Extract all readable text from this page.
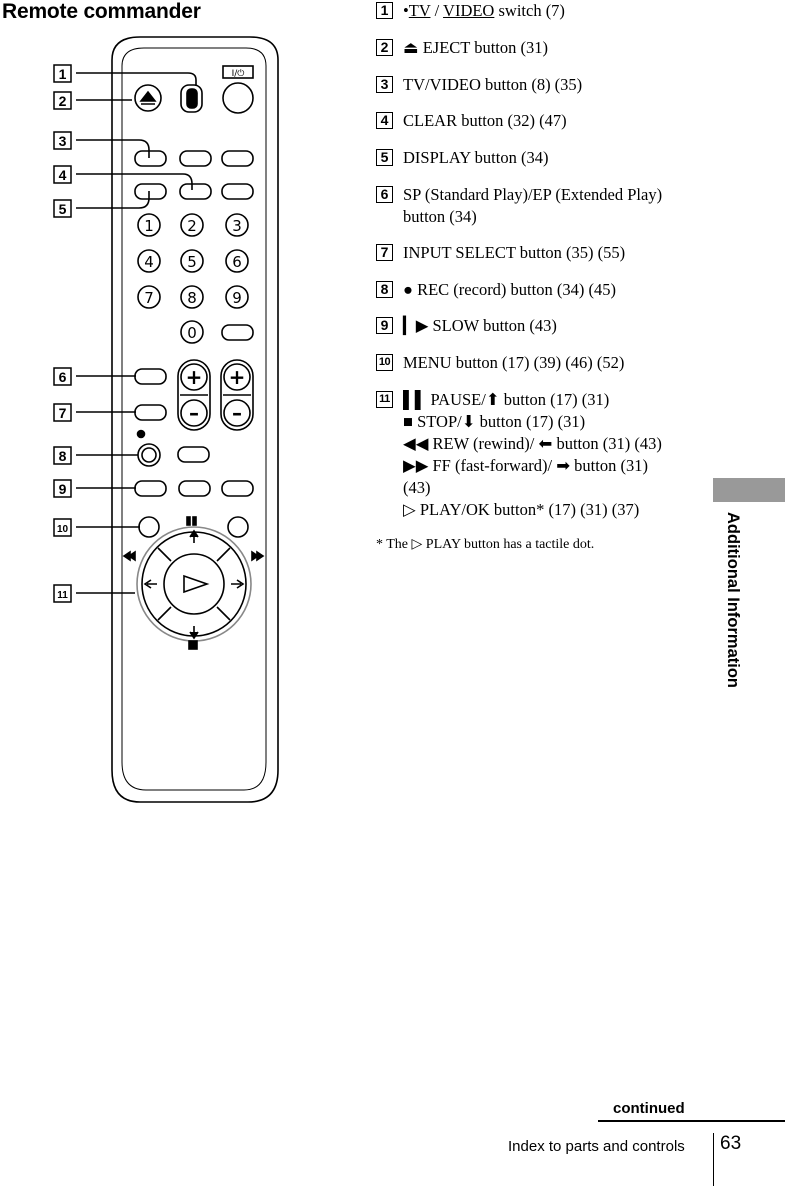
Remote commander
1 2 3
4 5 6
7 8 9
0
+ +
– –
I/⏻
1
2
3
4
5
6
7
8
9
10
11
1 •TV / VIDEO switch (7)
2 ⏏ EJECT button (31)
3 TV/VIDEO button (8) (35)
4 CLEAR button (32) (47)
5 DISPLAY button (34)
6 SP (Standard Play)/EP (Extended Play)
button (34)
7 INPUT SELECT button (35) (55)
8 ● REC (record) button (34) (45)
9 ▎▶ SLOW button (43)
10 MENU button (17) (39) (46) (52)
11 ▌▌ PAUSE/⬆ button (17) (31)
■ STOP/⬇ button (17) (31)
◀◀ REW (rewind)/ ⬅ button (31) (43)
▶▶ FF (fast-forward)/ ➡ button (31)
(43)
▷ PLAY/OK button* (17) (31) (37)
* The ▷ PLAY button has a tactile dot.	Additional Information
continued
Index to parts and controls 63
